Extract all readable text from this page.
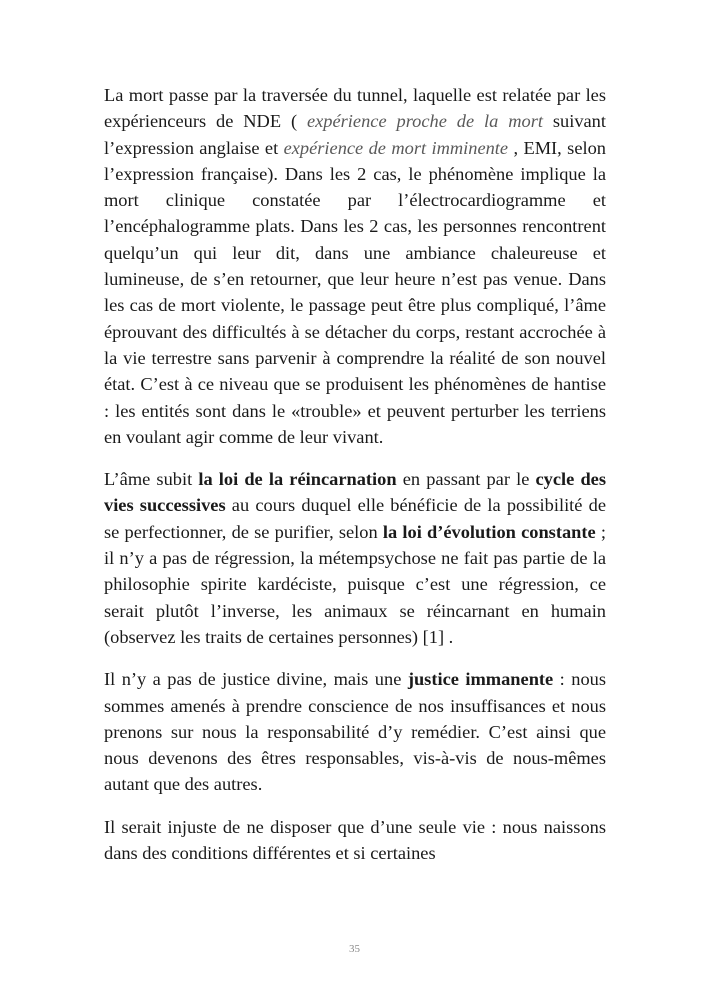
La mort passe par la traversée du tunnel, laquelle est relatée par les expérienceurs de NDE ( expérience proche de la mort suivant l’expression anglaise et expérience de mort imminente , EMI, selon l’expression française). Dans les 2 cas, le phénomène implique la mort clinique constatée par l’électrocardiogramme et l’encéphalogramme plats. Dans les 2 cas, les personnes rencontrent quelqu’un qui leur dit, dans une ambiance chaleureuse et lumineuse, de s’en retourner, que leur heure n’est pas venue. Dans les cas de mort violente, le passage peut être plus compliqué, l’âme éprouvant des difficultés à se détacher du corps, restant accrochée à la vie terrestre sans parvenir à comprendre la réalité de son nouvel état. C’est à ce niveau que se produisent les phénomènes de hantise : les entités sont dans le «trouble» et peuvent perturber les terriens en voulant agir comme de leur vivant.

L’âme subit la loi de la réincarnation en passant par le cycle des vies successives au cours duquel elle bénéficie de la possibilité de se perfectionner, de se purifier, selon la loi d’évolution constante ; il n’y a pas de régression, la métempsychose ne fait pas partie de la philosophie spirite kardéciste, puisque c’est une régression, ce serait plutôt l’inverse, les animaux se réincarnant en humain (observez les traits de certaines personnes) [1] .

Il n’y a pas de justice divine, mais une justice immanente : nous sommes amenés à prendre conscience de nos insuffisances et nous prenons sur nous la responsabilité d’y remédier. C’est ainsi que nous devenons des êtres responsables, vis-à-vis de nous-mêmes autant que des autres.

Il serait injuste de ne disposer que d’une seule vie : nous naissons dans des conditions différentes et si certaines

35
